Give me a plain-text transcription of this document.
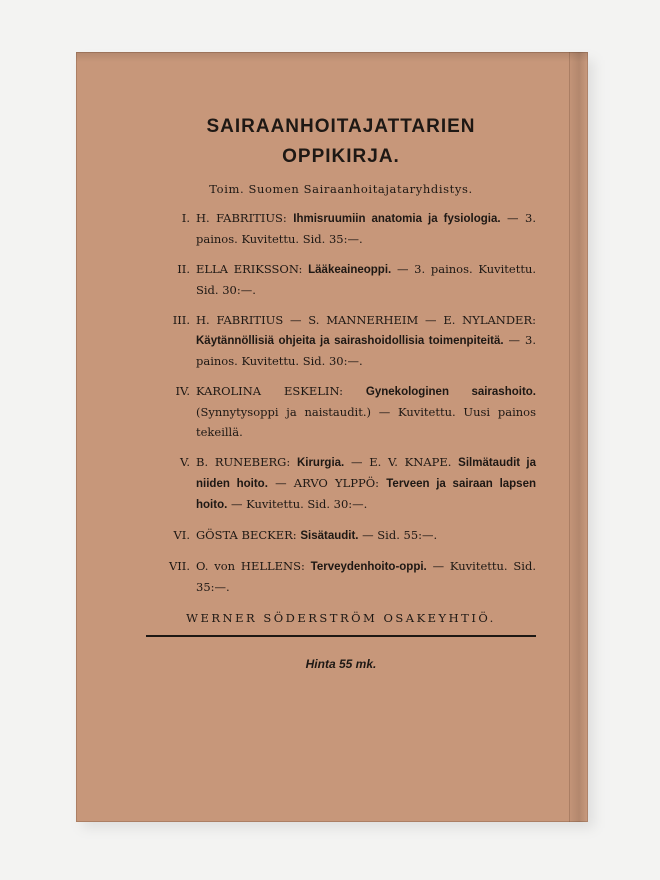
SAIRAANHOITAJATTARIEN

OPPIKIRJA.

Toim. Suomen Sairaanhoitajataryhdistys.

I. H. FABRITIUS: Ihmisruumiin anatomia ja fysiologia. — 3. painos. Kuvitettu. Sid. 35:—.
II. ELLA ERIKSSON: Lääkeaineoppi. — 3. painos. Kuvitettu. Sid. 30:—.
III. H. FABRITIUS — S. MANNERHEIM — E. NYLANDER: Käytännöllisiä ohjeita ja sairashoidollisia toimenpiteitä. — 3. painos. Kuvitettu. Sid. 30:—.
IV. KAROLINA ESKELIN: Gynekologinen sairashoito. (Synnytysoppi ja naistaudit.) — Kuvitettu. Uusi painos tekeillä.
V. B. RUNEBERG: Kirurgia. — E. V. KNAPE. Silmätaudit ja niiden hoito. — ARVO YLPPÖ: Terveen ja sairaan lapsen hoito. — Kuvitettu. Sid. 30:—.
VI. GÖSTA BECKER: Sisätaudit. — Sid. 55:—.
VII. O. von HELLENS: Terveydenhoito-oppi. — Kuvitettu. Sid. 35:—.

WERNER SÖDERSTRÖM OSAKEYHTIÖ.

Hinta 55 mk.
